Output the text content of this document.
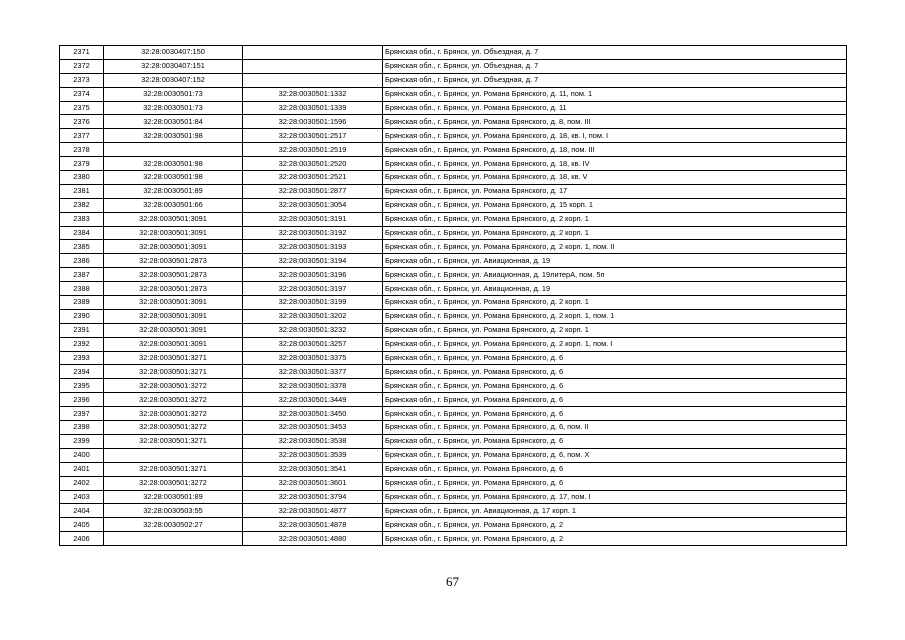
2371	32:28:0030407:150		Брянская обл., г. Брянск, ул. Объездная, д. 7
2372	32:28:0030407:151		Брянская обл., г. Брянск, ул. Объездная, д. 7
2373	32:28:0030407:152		Брянская обл., г. Брянск, ул. Объездная, д. 7
2374	32:28:0030501:73	32:28:0030501:1332	Брянская обл., г. Брянск, ул. Романа Брянского, д. 11, пом. 1
2375	32:28:0030501:73	32:28:0030501:1339	Брянская обл., г. Брянск, ул. Романа Брянского, д. 11
2376	32:28:0030501:84	32:28:0030501:1596	Брянская обл., г. Брянск, ул. Романа Брянского, д. 8, пом. III
2377	32:28:0030501:98	32:28:0030501:2517	Брянская обл., г. Брянск, ул. Романа Брянского, д. 18, кв. I, пом. I
2378		32:28:0030501:2519	Брянская обл., г. Брянск, ул. Романа Брянского, д. 18, пом. III
2379	32:28:0030501:98	32:28:0030501:2520	Брянская обл., г. Брянск, ул. Романа Брянского, д. 18, кв. IV
2380	32:28:0030501:98	32:28:0030501:2521	Брянская обл., г. Брянск, ул. Романа Брянского, д. 18, кв. V
2381	32:28:0030501:89	32:28:0030501:2877	Брянская обл., г. Брянск, ул. Романа Брянского, д. 17
2382	32:28:0030501:66	32:28:0030501:3054	Брянская обл., г. Брянск, ул. Романа Брянского, д. 15 корп. 1
2383	32:28:0030501:3091	32:28:0030501:3191	Брянская обл., г. Брянск, ул. Романа Брянского, д. 2 корп. 1
2384	32:28:0030501:3091	32:28:0030501:3192	Брянская обл., г. Брянск, ул. Романа Брянского, д. 2 корп. 1
2385	32:28:0030501:3091	32:28:0030501:3193	Брянская обл., г. Брянск, ул. Романа Брянского, д. 2 корп. 1, пом. II
2386	32:28:0030501:2873	32:28:0030501:3194	Брянская обл., г. Брянск, ул. Авиационная, д. 19
2387	32:28:0030501:2873	32:28:0030501:3196	Брянская обл., г. Брянск, ул. Авиационная, д. 19литерА, пом. 5п
2388	32:28:0030501:2873	32:28:0030501:3197	Брянская обл., г. Брянск, ул. Авиационная, д. 19
2389	32:28:0030501:3091	32:28:0030501:3199	Брянская обл., г. Брянск, ул. Романа Брянского, д. 2 корп. 1
2390	32:28:0030501:3091	32:28:0030501:3202	Брянская обл., г. Брянск, ул. Романа Брянского, д. 2 корп. 1, пом. 1
2391	32:28:0030501:3091	32:28:0030501:3232	Брянская обл., г. Брянск, ул. Романа Брянского, д. 2 корп. 1
2392	32:28:0030501:3091	32:28:0030501:3257	Брянская обл., г. Брянск, ул. Романа Брянского, д. 2 корп. 1, пом. I
2393	32:28:0030501:3271	32:28:0030501:3375	Брянская обл., г. Брянск, ул. Романа Брянского, д. 6
2394	32:28:0030501:3271	32:28:0030501:3377	Брянская обл., г. Брянск, ул. Романа Брянского, д. 6
2395	32:28:0030501:3272	32:28:0030501:3378	Брянская обл., г. Брянск, ул. Романа Брянского, д. 6
2396	32:28:0030501:3272	32:28:0030501:3449	Брянская обл., г. Брянск, ул. Романа Брянского, д. 6
2397	32:28:0030501:3272	32:28:0030501:3450	Брянская обл., г. Брянск, ул. Романа Брянского, д. 6
2398	32:28:0030501:3272	32:28:0030501:3453	Брянская обл., г. Брянск, ул. Романа Брянского, д. 6, пом. II
2399	32:28:0030501:3271	32:28:0030501:3538	Брянская обл., г. Брянск, ул. Романа Брянского, д. 6
2400		32:28:0030501:3539	Брянская обл., г. Брянск, ул. Романа Брянского, д. 6, пом. X
2401	32:28:0030501:3271	32:28:0030501:3541	Брянская обл., г. Брянск, ул. Романа Брянского, д. 6
2402	32:28:0030501:3272	32:28:0030501:3601	Брянская обл., г. Брянск, ул. Романа Брянского, д. 6
2403	32:28:0030501:89	32:28:0030501:3794	Брянская обл., г. Брянск, ул. Романа Брянского, д. 17, пом. I
2404	32:28:0030503:55	32:28:0030501:4877	Брянская обл., г. Брянск, ул. Авиационная, д. 17 корп. 1
2405	32:28:0030502:27	32:28:0030501:4878	Брянская обл., г. Брянск, ул. Романа Брянского, д. 2
2406		32:28:0030501:4880	Брянская обл., г. Брянск, ул. Романа Брянского, д. 2
67
